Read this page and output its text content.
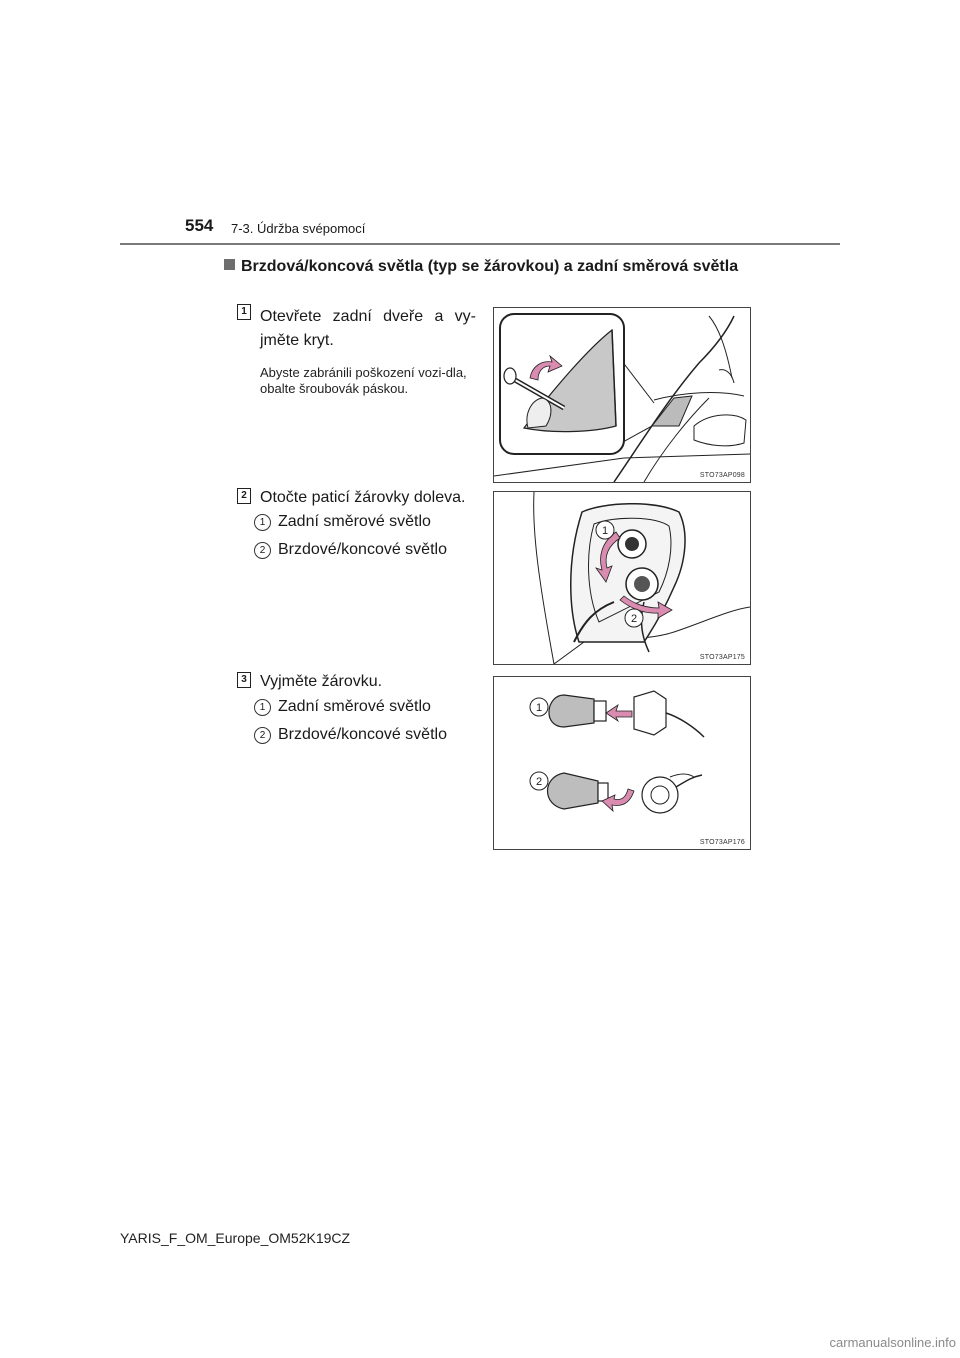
554 7-3. Údržba svépomocí
Brzdová/koncová světla (typ se žárovkou) a zadní směrová světla
1 Otevřete zadní dveře a vy-jměte kryt.
Abyste zabránili poškození vozi-dla, obalte šroubovák páskou.
STO73AP098
2 Otočte paticí žárovky doleva.
1 Zadní směrové světlo
2 Brzdové/koncové světlo
1
2
STO73AP175
3 Vyjměte žárovku.
1 Zadní směrové světlo
2 Brzdové/koncové světlo
1
2
STO73AP176
YARIS_F_OM_Europe_OM52K19CZ
carmanualsonline.info
